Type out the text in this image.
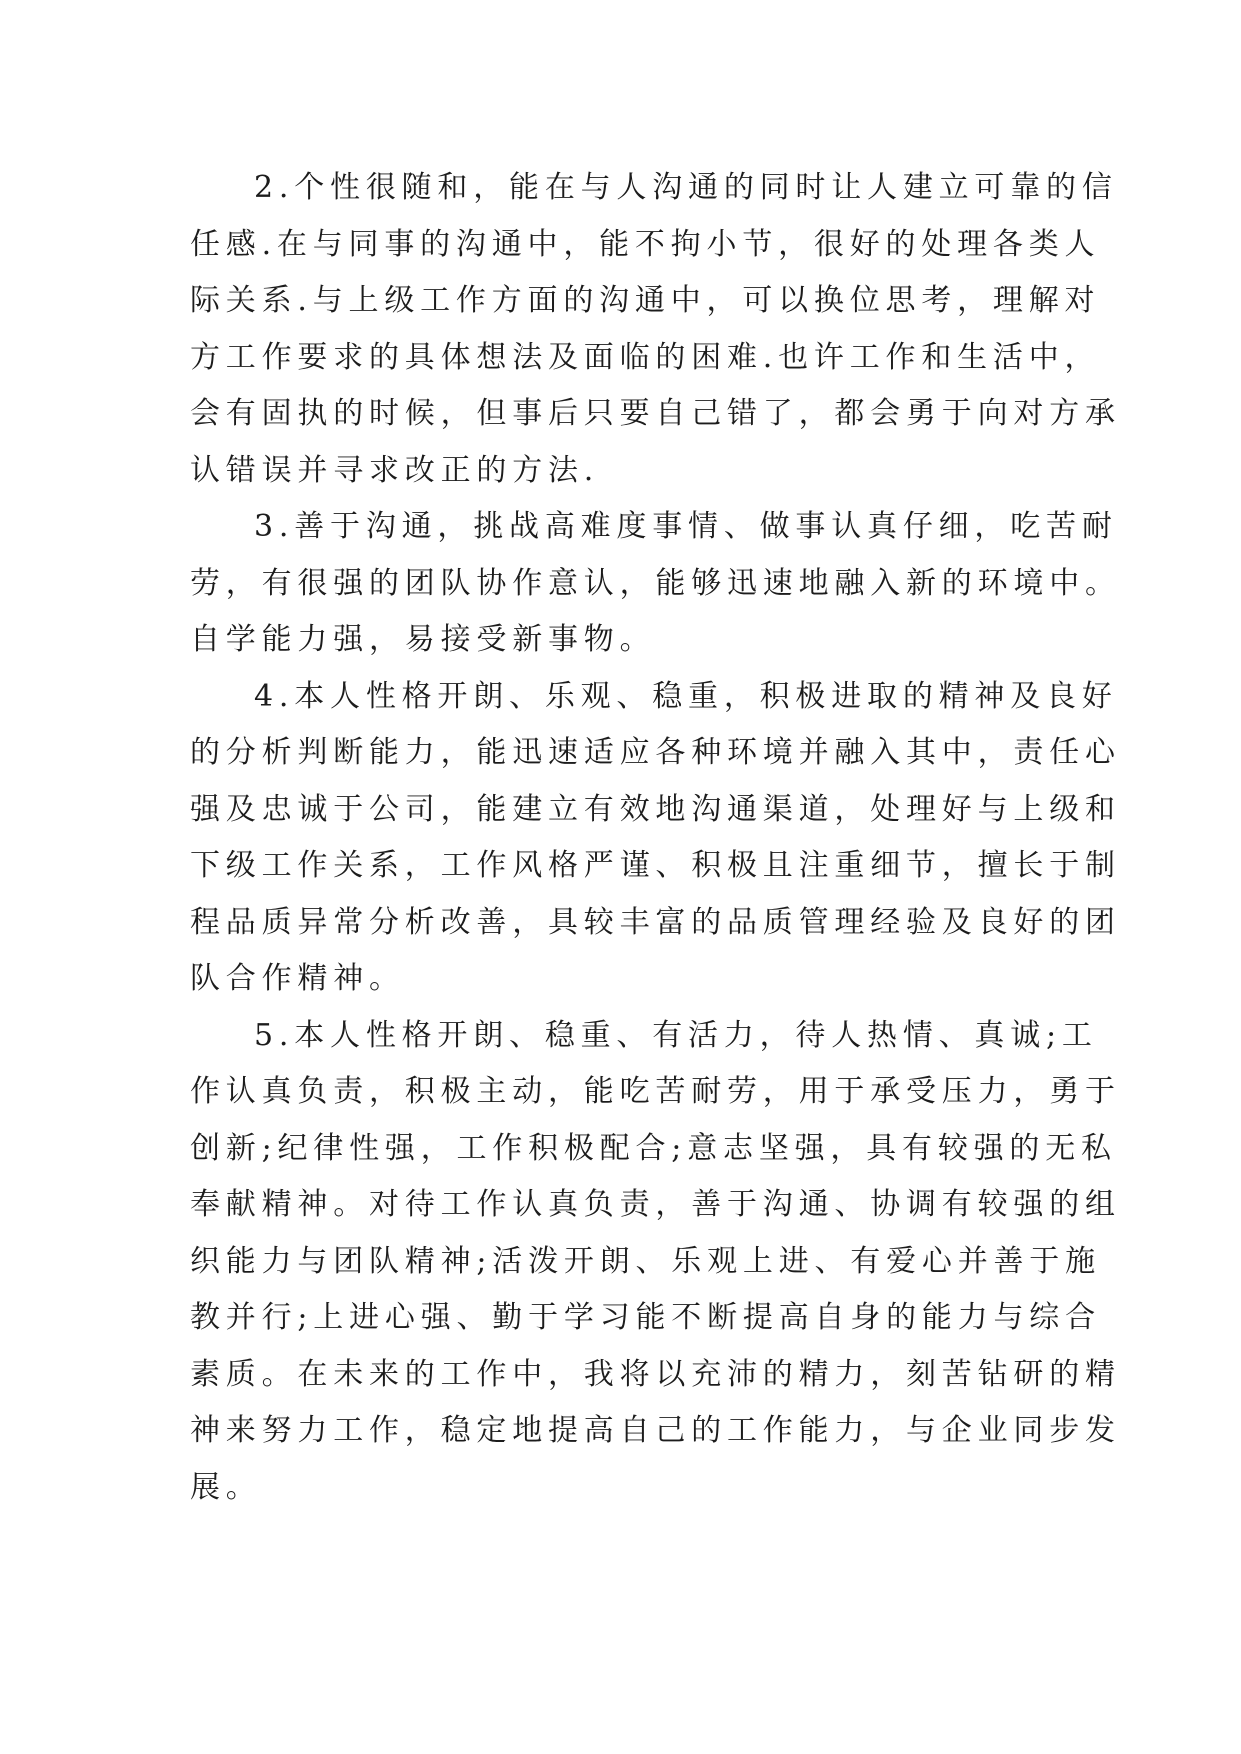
2.个性很随和，能在与人沟通的同时让人建立可靠的信
任感.在与同事的沟通中，能不拘小节，很好的处理各类人
际关系.与上级工作方面的沟通中，可以换位思考，理解对
方工作要求的具体想法及面临的困难.也许工作和生活中，
会有固执的时候，但事后只要自己错了，都会勇于向对方承
认错误并寻求改正的方法.

3.善于沟通，挑战高难度事情、做事认真仔细，吃苦耐
劳，有很强的团队协作意认，能够迅速地融入新的环境中。
自学能力强，易接受新事物。

4.本人性格开朗、乐观、稳重，积极进取的精神及良好
的分析判断能力，能迅速适应各种环境并融入其中，责任心
强及忠诚于公司，能建立有效地沟通渠道，处理好与上级和
下级工作关系，工作风格严谨、积极且注重细节，擅长于制
程品质异常分析改善，具较丰富的品质管理经验及良好的团
队合作精神。

5.本人性格开朗、稳重、有活力，待人热情、真诚;工
作认真负责，积极主动，能吃苦耐劳，用于承受压力，勇于
创新;纪律性强，工作积极配合;意志坚强，具有较强的无私
奉献精神。对待工作认真负责，善于沟通、协调有较强的组
织能力与团队精神;活泼开朗、乐观上进、有爱心并善于施
教并行;上进心强、勤于学习能不断提高自身的能力与综合
素质。在未来的工作中，我将以充沛的精力，刻苦钻研的精
神来努力工作，稳定地提高自己的工作能力，与企业同步发
展。
